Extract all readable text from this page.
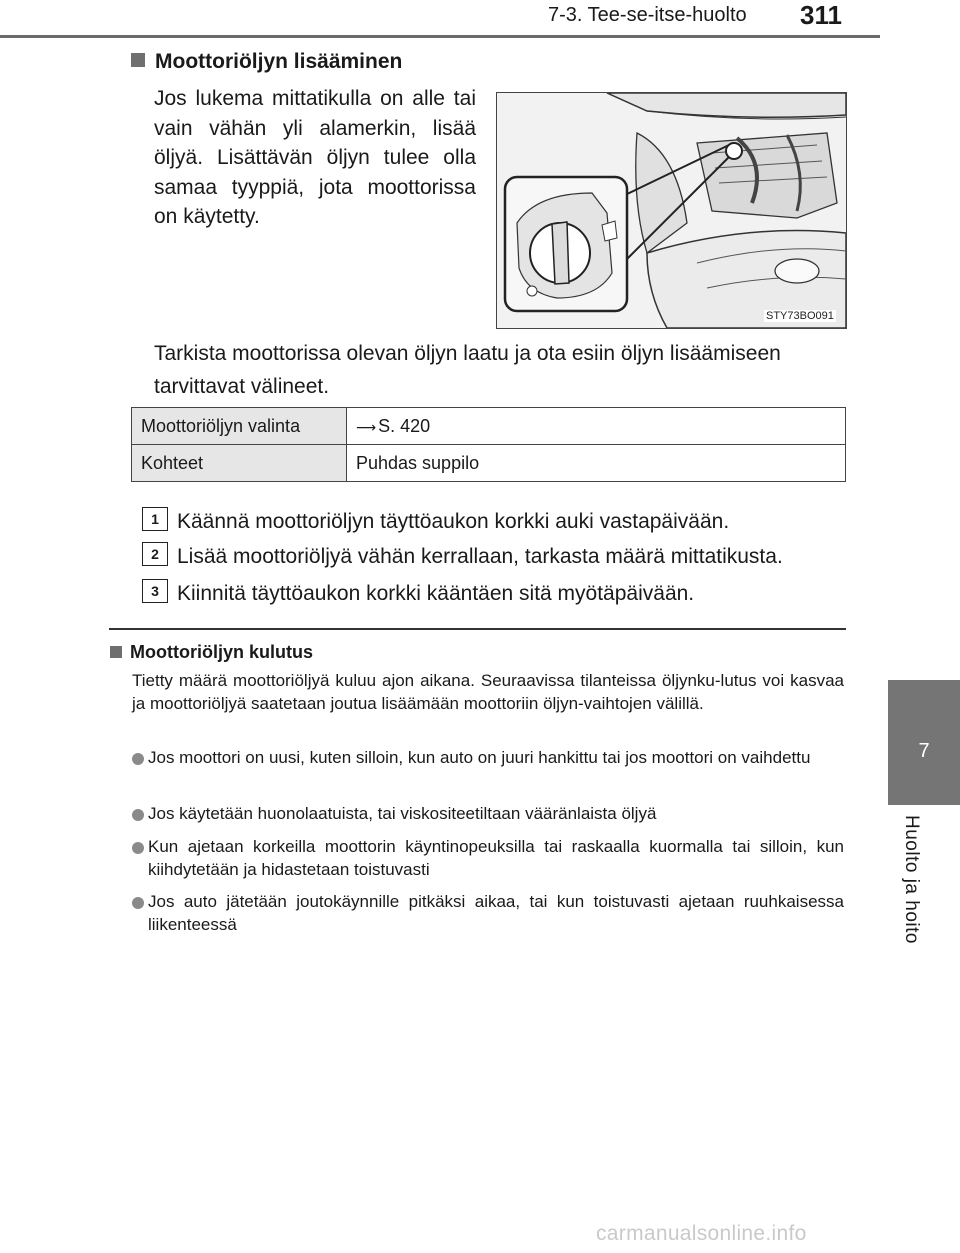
7-3. Tee-se-itse-huolto 311
7
Huolto ja hoito
Moottoriöljyn lisääminen
Jos lukema mittatikulla on alle tai vain vähän yli alamerkin, lisää öljyä. Lisättävän öljyn tulee olla samaa tyyppiä, jota moottorissa on käytetty.
STY73BO091
Tarkista moottorissa olevan öljyn laatu ja ota esiin öljyn lisäämiseen tarvittavat välineet.
Moottoriöljyn valinta	⟶ S. 420
Kohteet	Puhdas suppilo
1 Käännä moottoriöljyn täyttöaukon korkki auki vastapäivään.
2 Lisää moottoriöljyä vähän kerrallaan, tarkasta määrä mittatikusta.
3 Kiinnitä täyttöaukon korkki kääntäen sitä myötäpäivään.
Moottoriöljyn kulutus
Tietty määrä moottoriöljyä kuluu ajon aikana. Seuraavissa tilanteissa öljynku-lutus voi kasvaa ja moottoriöljyä saatetaan joutua lisäämään moottoriin öljyn-vaihtojen välillä.
Jos moottori on uusi, kuten silloin, kun auto on juuri hankittu tai jos moottori on vaihdettu
Jos käytetään huonolaatuista, tai viskositeetiltaan vääränlaista öljyä
Kun ajetaan korkeilla moottorin käyntinopeuksilla tai raskaalla kuormalla tai silloin, kun kiihdytetään ja hidastetaan toistuvasti
Jos auto jätetään joutokäynnille pitkäksi aikaa, tai kun toistuvasti ajetaan ruuhkaisessa liikenteessä
carmanualsonline.info
